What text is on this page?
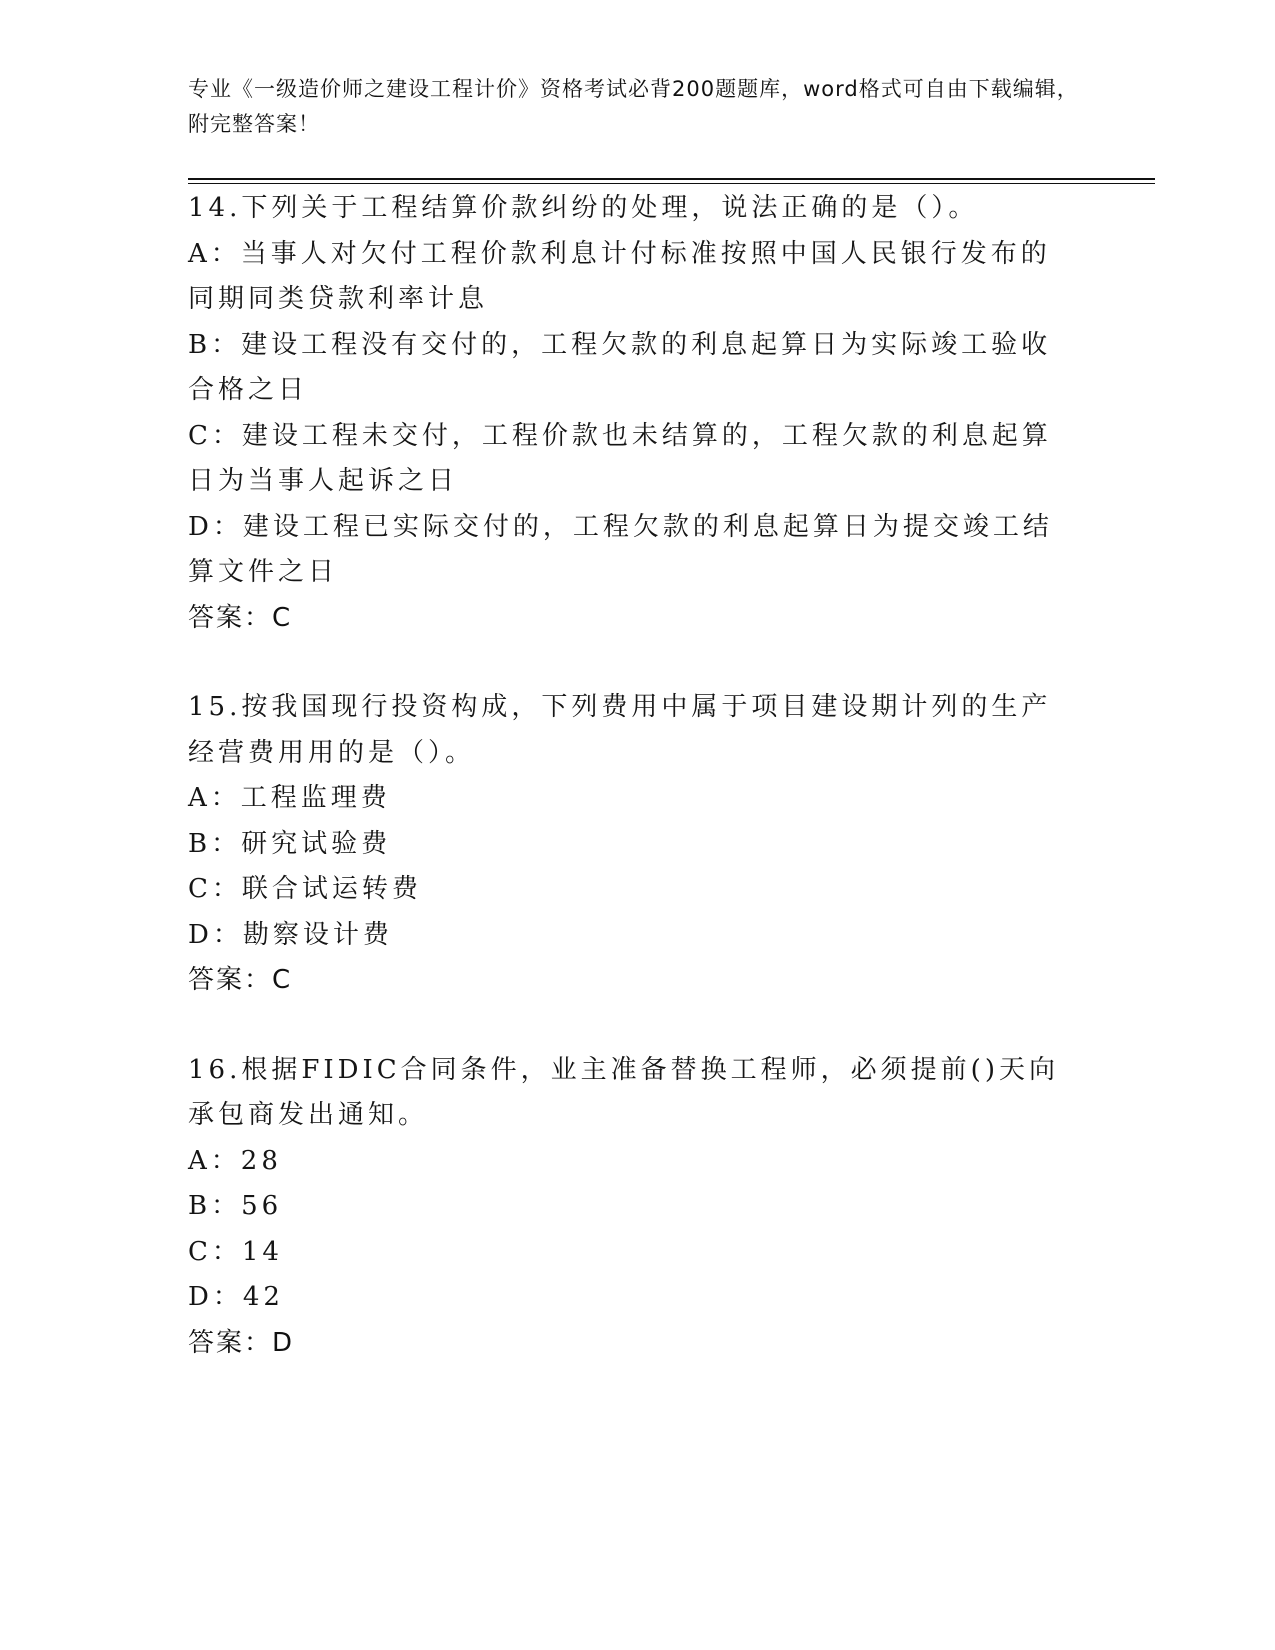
专业《一级造价师之建设工程计价》资格考试必背200题题库，word格式可自由下载编辑，附完整答案！

14.下列关于工程结算价款纠纷的处理，说法正确的是（）。

A：当事人对欠付工程价款利息计付标准按照中国人民银行发布的同期同类贷款利率计息

B：建设工程没有交付的，工程欠款的利息起算日为实际竣工验收合格之日

C：建设工程未交付，工程价款也未结算的，工程欠款的利息起算日为当事人起诉之日

D：建设工程已实际交付的，工程欠款的利息起算日为提交竣工结算文件之日

答案：C

15.按我国现行投资构成，下列费用中属于项目建设期计列的生产经营费用用的是（）。

A：工程监理费

B：研究试验费

C：联合试运转费

D：勘察设计费

答案：C

16.根据FIDIC合同条件，业主准备替换工程师，必须提前()天向承包商发出通知。

A：28

B：56

C：14

D：42

答案：D
